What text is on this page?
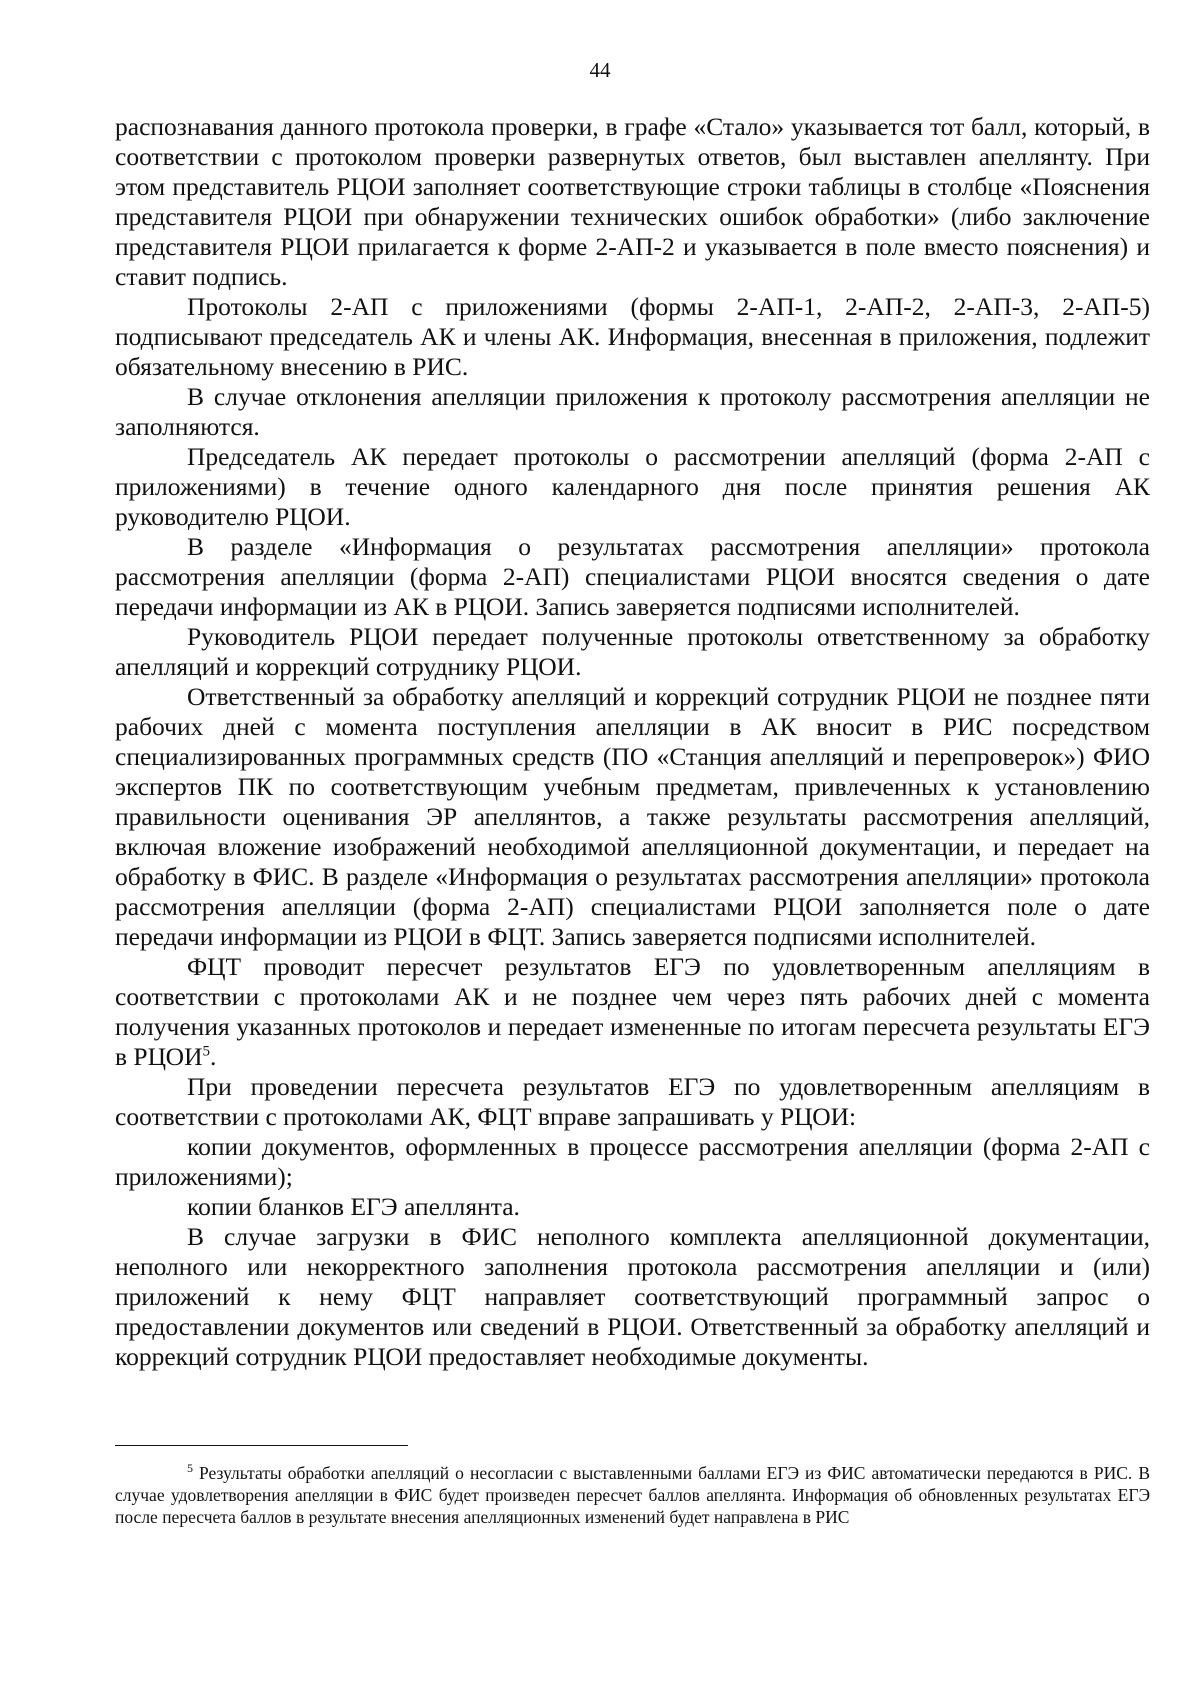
44

распознавания данного протокола проверки, в графе «Стало» указывается тот балл, который, в соответствии с протоколом проверки развернутых ответов, был выставлен апеллянту. При этом представитель РЦОИ заполняет соответствующие строки таблицы в столбце «Пояснения представителя РЦОИ при обнаружении технических ошибок обработки» (либо заключение представителя РЦОИ прилагается к форме 2-АП-2 и указывается в поле вместо пояснения) и ставит подпись.

Протоколы 2-АП с приложениями (формы 2-АП-1, 2-АП-2, 2-АП-3, 2-АП-5) подписывают председатель АК и члены АК. Информация, внесенная в приложения, подлежит обязательному внесению в РИС.

В случае отклонения апелляции приложения к протоколу рассмотрения апелляции не заполняются.

Председатель АК передает протоколы о рассмотрении апелляций (форма 2-АП с приложениями) в течение одного календарного дня после принятия решения АК руководителю РЦОИ.

В разделе «Информация о результатах рассмотрения апелляции» протокола рассмотрения апелляции (форма 2-АП) специалистами РЦОИ вносятся сведения о дате передачи информации из АК в РЦОИ. Запись заверяется подписями исполнителей.

Руководитель РЦОИ передает полученные протоколы ответственному за обработку апелляций и коррекций сотруднику РЦОИ.

Ответственный за обработку апелляций и коррекций сотрудник РЦОИ не позднее пяти рабочих дней с момента поступления апелляции в АК вносит в РИС посредством специализированных программных средств (ПО «Станция апелляций и перепроверок») ФИО экспертов ПК по соответствующим учебным предметам, привлеченных к установлению правильности оценивания ЭР апеллянтов, а также результаты рассмотрения апелляций, включая вложение изображений необходимой апелляционной документации, и передает на обработку в ФИС. В разделе «Информация о результатах рассмотрения апелляции» протокола рассмотрения апелляции (форма 2-АП) специалистами РЦОИ заполняется поле о дате передачи информации из РЦОИ в ФЦТ. Запись заверяется подписями исполнителей.

ФЦТ проводит пересчет результатов ЕГЭ по удовлетворенным апелляциям в соответствии с протоколами АК и не позднее чем через пять рабочих дней с момента получения указанных протоколов и передает измененные по итогам пересчета результаты ЕГЭ в РЦОИ$^5$.

При проведении пересчета результатов ЕГЭ по удовлетворенным апелляциям в соответствии с протоколами АК, ФЦТ вправе запрашивать у РЦОИ:

копии документов, оформленных в процессе рассмотрения апелляции (форма 2-АП с приложениями);

копии бланков ЕГЭ апеллянта.

В случае загрузки в ФИС неполного комплекта апелляционной документации, неполного или некорректного заполнения протокола рассмотрения апелляции и (или) приложений к нему ФЦТ направляет соответствующий программный запрос о предоставлении документов или сведений в РЦОИ. Ответственный за обработку апелляций и коррекций сотрудник РЦОИ предоставляет необходимые документы.

$^5$ Результаты обработки апелляций о несогласии с выставленными баллами ЕГЭ из ФИС автоматически передаются в РИС. В случае удовлетворения апелляции в ФИС будет произведен пересчет баллов апеллянта. Информация об обновленных результатах ЕГЭ после пересчета баллов в результате внесения апелляционных изменений будет направлена в РИС
